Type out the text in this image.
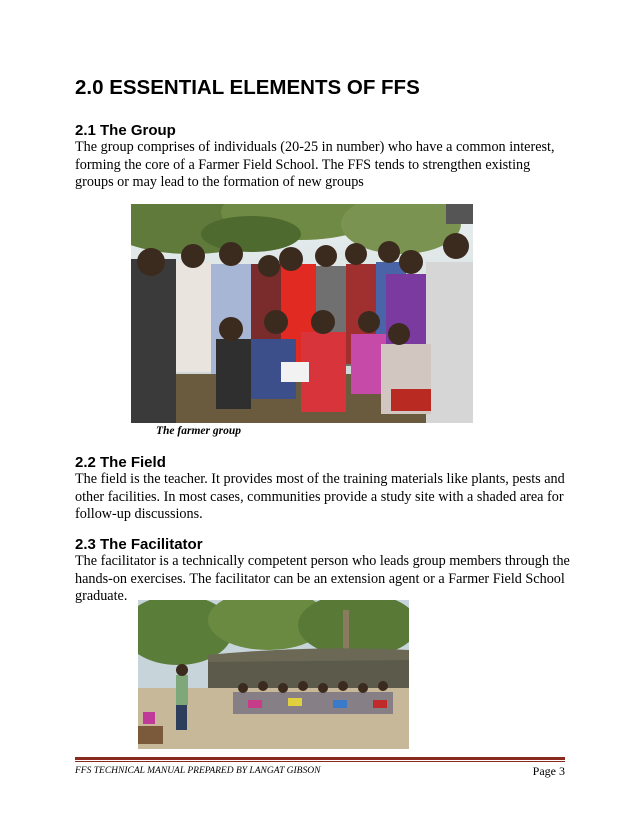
2.0 ESSENTIAL ELEMENTS OF FFS
2.1 The Group

The group comprises of individuals (20-25 in number) who have a common interest, forming the core of a Farmer Field School. The FFS tends to strengthen existing groups or may lead to the formation of new groups

The farmer group
2.2 The Field

The field is the teacher. It provides most of the training materials like plants, pests and other facilities. In most cases, communities provide a study site with a shaded area for follow-up discussions.

2.3 The Facilitator

The facilitator is a technically competent person who leads group members through the hands-on exercises. The facilitator can be an extension agent or a Farmer Field School graduate.

FFS TECHNICAL MANUAL PREPARED BY LANGAT GIBSON	Page 3
